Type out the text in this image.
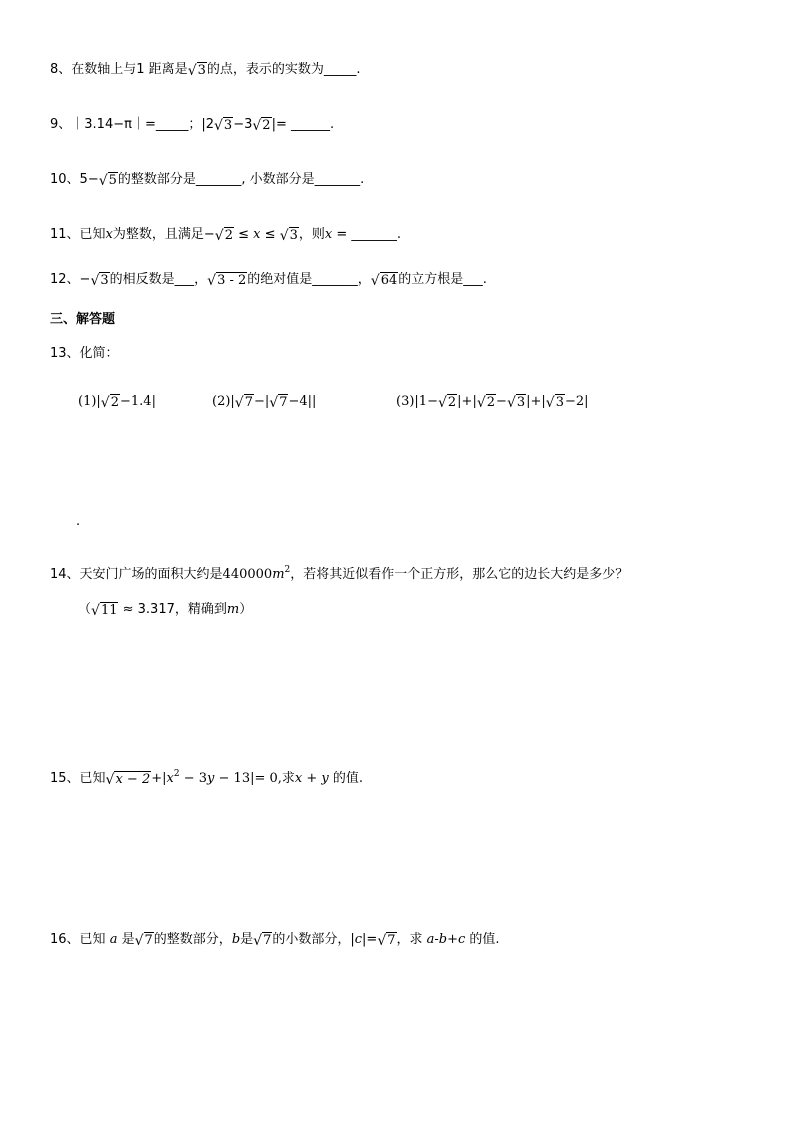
8、在数轴上与1 距离是 √ 3 的点，表示的实数为_____.
9、｜3.14−π｜=_____；|2 √ 3 −3 √ 2 |= ______.
10、5− √ 5 的整数部分是_______, 小数部分是_______.
11、已知x为整数，且满足− √ 2 ≤ x ≤ √ 3 ，则x = _______.
12、− √ 3 的相反数是___， √ 3 - 2 的绝对值是_______， √ 64 的立方根是___.
三、解答题
13、化简：
(1)| √ 2 −1.4|	(2)| √ 7 −| √ 7 −4||	(3)|1− √ 2 |+| √ 2 − √ 3 |+| √ 3 −2|
.
14、天安门广场的面积大约是$440000m^2$，若将其近似看作一个正方形，那么它的边长大约是多少？
（ √ 11 ≈ 3.317，精确到m）
15、已知 √ $x - 2 +|x^2 - 3y - 13|= 0$,求x + y 的值.
16、已知 a 是 √ 7 的整数部分，b是 √ 7 的小数部分，|c|= √ 7 ，求 a-b+c 的值.
